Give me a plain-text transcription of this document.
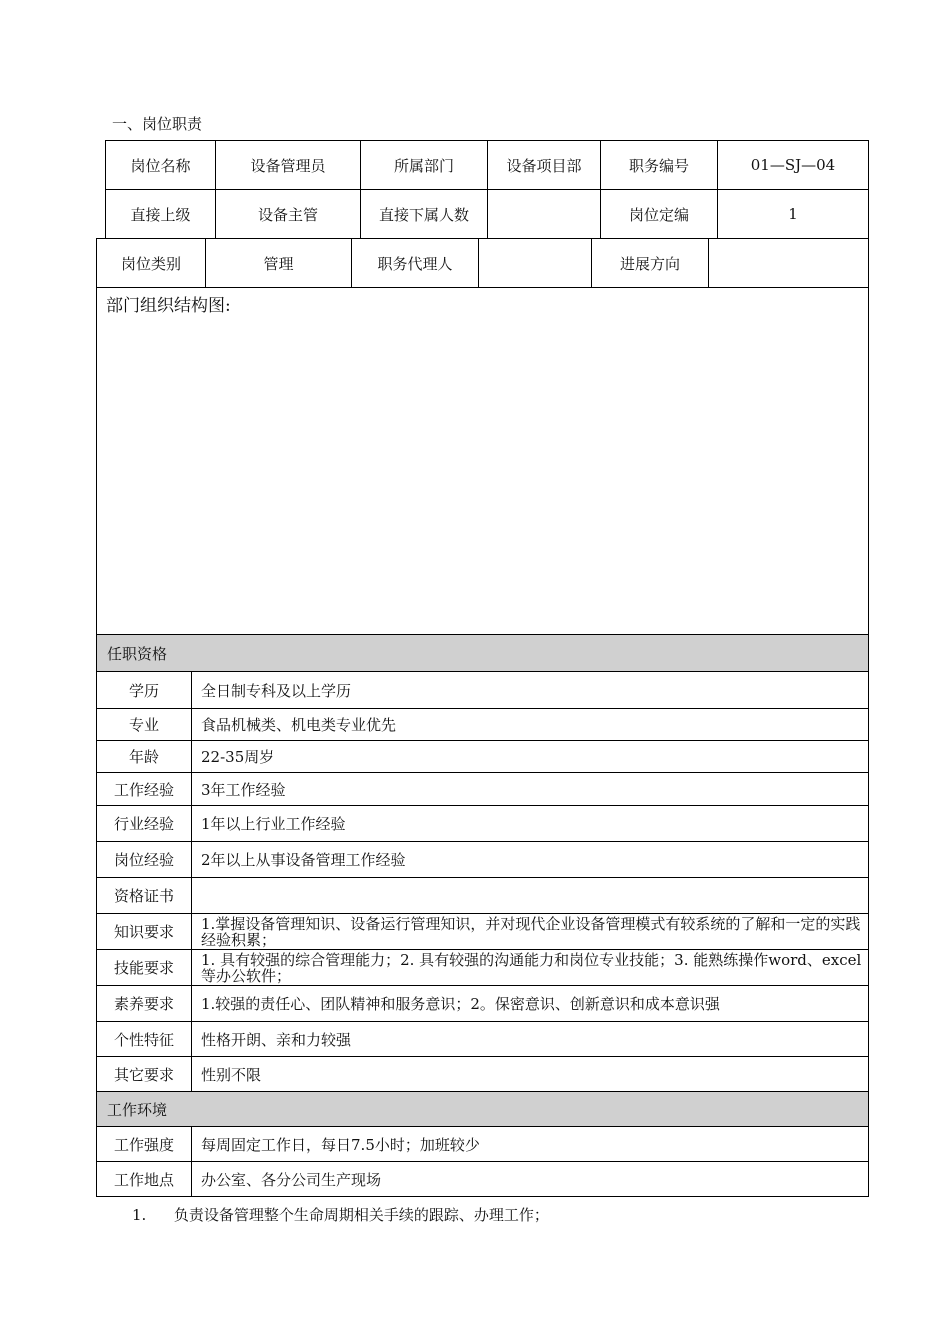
一、岗位职责
岗位名称	设备管理员	所属部门	设备项目部	职务编号	01—SJ—04
直接上级	设备主管	直接下属人数		岗位定编	1
岗位类别	管理	职务代理人		进展方向	
部门组织结构图:
任职资格	
学历	全日制专科及以上学历
专业	食品机械类、机电类专业优先
年龄	22-35周岁
工作经验	3年工作经验
行业经验	1年以上行业工作经验
岗位经验	2年以上从事设备管理工作经验
资格证书	
知识要求	1.掌握设备管理知识、设备运行管理知识，并对现代企业设备管理模式有较系统的了解和一定的实践经验积累；
技能要求	1. 具有较强的综合管理能力；2. 具有较强的沟通能力和岗位专业技能；3. 能熟练操作word、excel等办公软件；
素养要求	1.较强的责任心、团队精神和服务意识；2。保密意识、创新意识和成本意识强
个性特征	性格开朗、亲和力较强
其它要求	性别不限
工作环境	
工作强度	每周固定工作日，每日7.5小时；加班较少
工作地点	办公室、各分公司生产现场
1. 负责设备管理整个生命周期相关手续的跟踪、办理工作；
